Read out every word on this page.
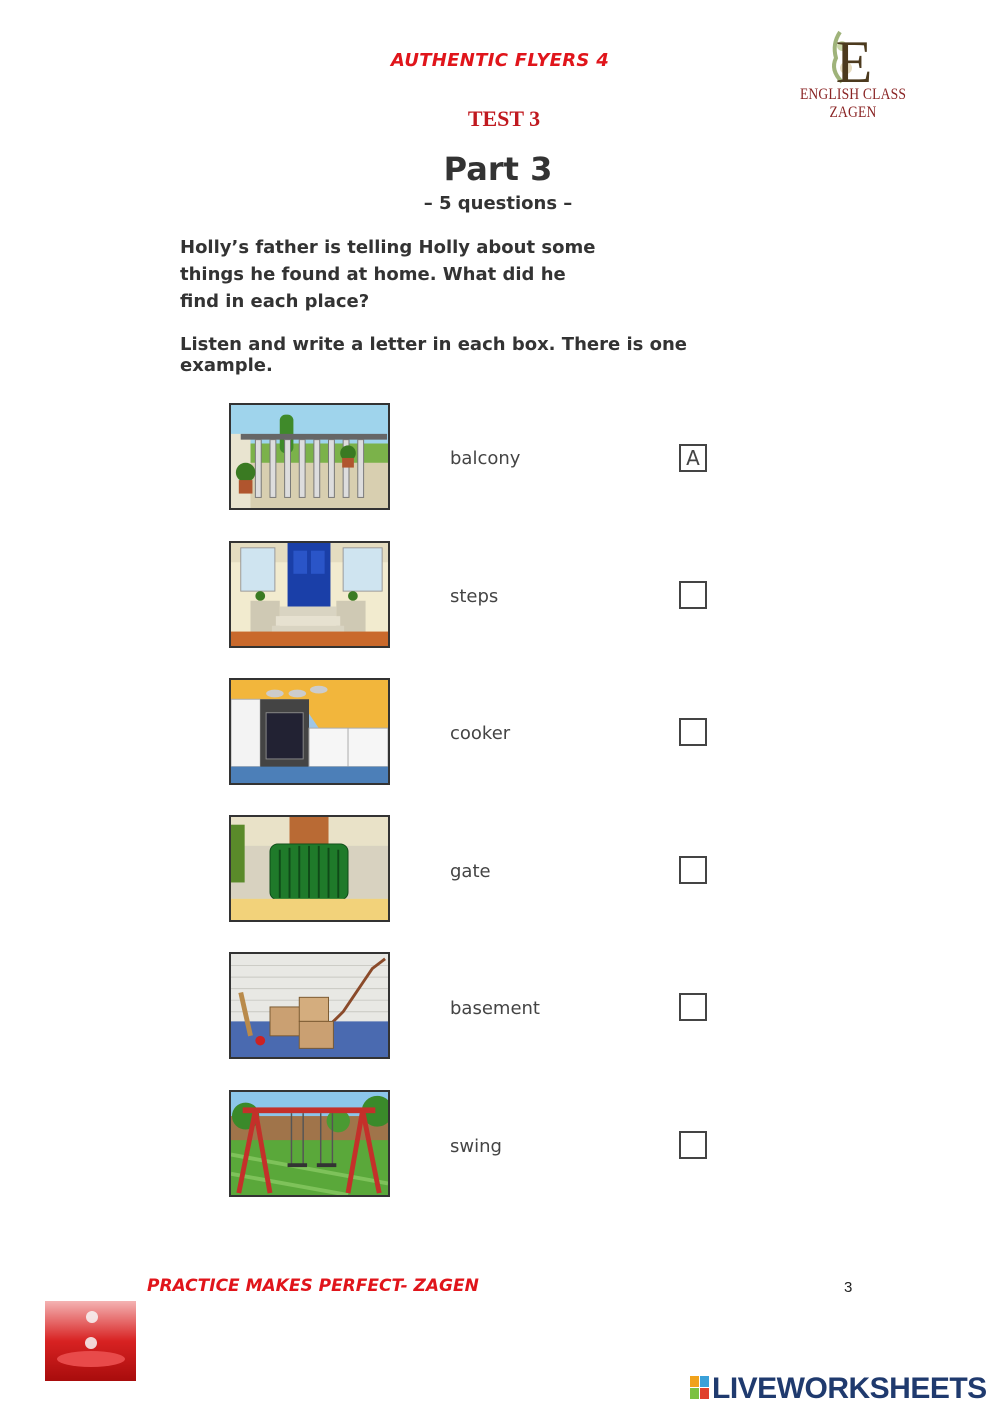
AUTHENTIC FLYERS 4
TEST 3
E
ENGLISH CLASS ZAGEN
Part 3
– 5 questions –
Holly’s father is telling Holly about some things he found at home. What did he find in each place?
Listen and write a letter in each box. There is one example.
balcony	A
steps
cooker
gate
basement
swing
PRACTICE MAKES PERFECT- ZAGEN	3
LIVEWORKSHEETS
